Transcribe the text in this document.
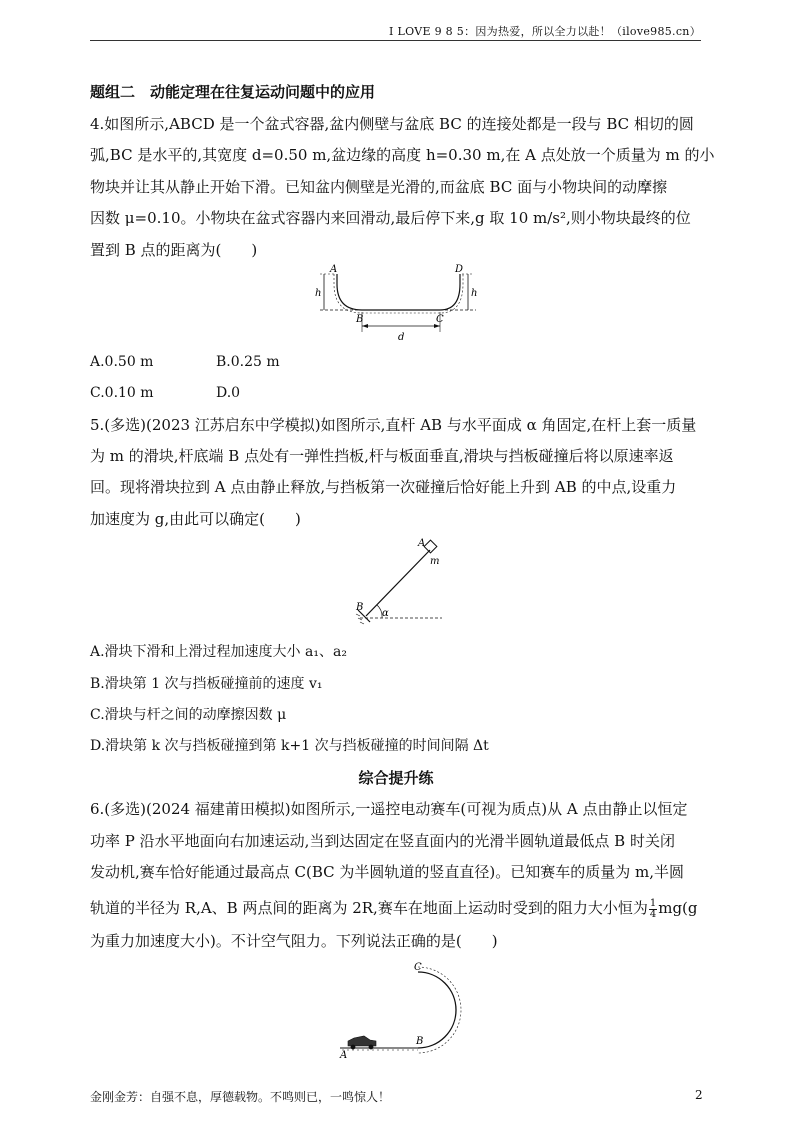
I LOVE 9 8 5：因为热爱，所以全力以赴！（ilove985.cn）
题组二　动能定理在往复运动问题中的应用
4.如图所示,ABCD 是一个盆式容器,盆内侧壁与盆底 BC 的连接处都是一段与 BC 相切的圆
弧,BC 是水平的,其宽度 d=0.50 m,盆边缘的高度 h=0.30 m,在 A 点处放一个质量为 m 的小
物块并让其从静止开始下滑。已知盆内侧壁是光滑的,而盆底 BC 面与小物块间的动摩擦
因数 μ=0.10。小物块在盆式容器内来回滑动,最后停下来,g 取 10 m/s²,则小物块最终的位
置到 B 点的距离为(　　)
A	D
h	h
B	C
d
A.0.50 m	B.0.25 m
C.0.10 m	D.0
5.(多选)(2023 江苏启东中学模拟)如图所示,直杆 AB 与水平面成 α 角固定,在杆上套一质量
为 m 的滑块,杆底端 B 点处有一弹性挡板,杆与板面垂直,滑块与挡板碰撞后将以原速率返
回。现将滑块拉到 A 点由静止释放,与挡板第一次碰撞后恰好能上升到 AB 的中点,设重力
加速度为 g,由此可以确定(　　)
A
m
B
α
A.滑块下滑和上滑过程加速度大小 a₁、a₂
B.滑块第 1 次与挡板碰撞前的速度 v₁
C.滑块与杆之间的动摩擦因数 μ
D.滑块第 k 次与挡板碰撞到第 k+1 次与挡板碰撞的时间间隔 Δt
综合提升练
6.(多选)(2024 福建莆田模拟)如图所示,一遥控电动赛车(可视为质点)从 A 点由静止以恒定
功率 P 沿水平地面向右加速运动,当到达固定在竖直面内的光滑半圆轨道最低点 B 时关闭
发动机,赛车恰好能通过最高点 C(BC 为半圆轨道的竖直直径)。已知赛车的质量为 m,半圆
轨道的半径为 R,A、B 两点间的距离为 2R,赛车在地面上运动时受到的阻力大小恒为 $\frac{1}{4} mg(g$
为重力加速度大小)。不计空气阻力。下列说法正确的是(　　)
C
B
A
金刚金芳：自强不息，厚德载物。不鸣则已，一鸣惊人！	2
